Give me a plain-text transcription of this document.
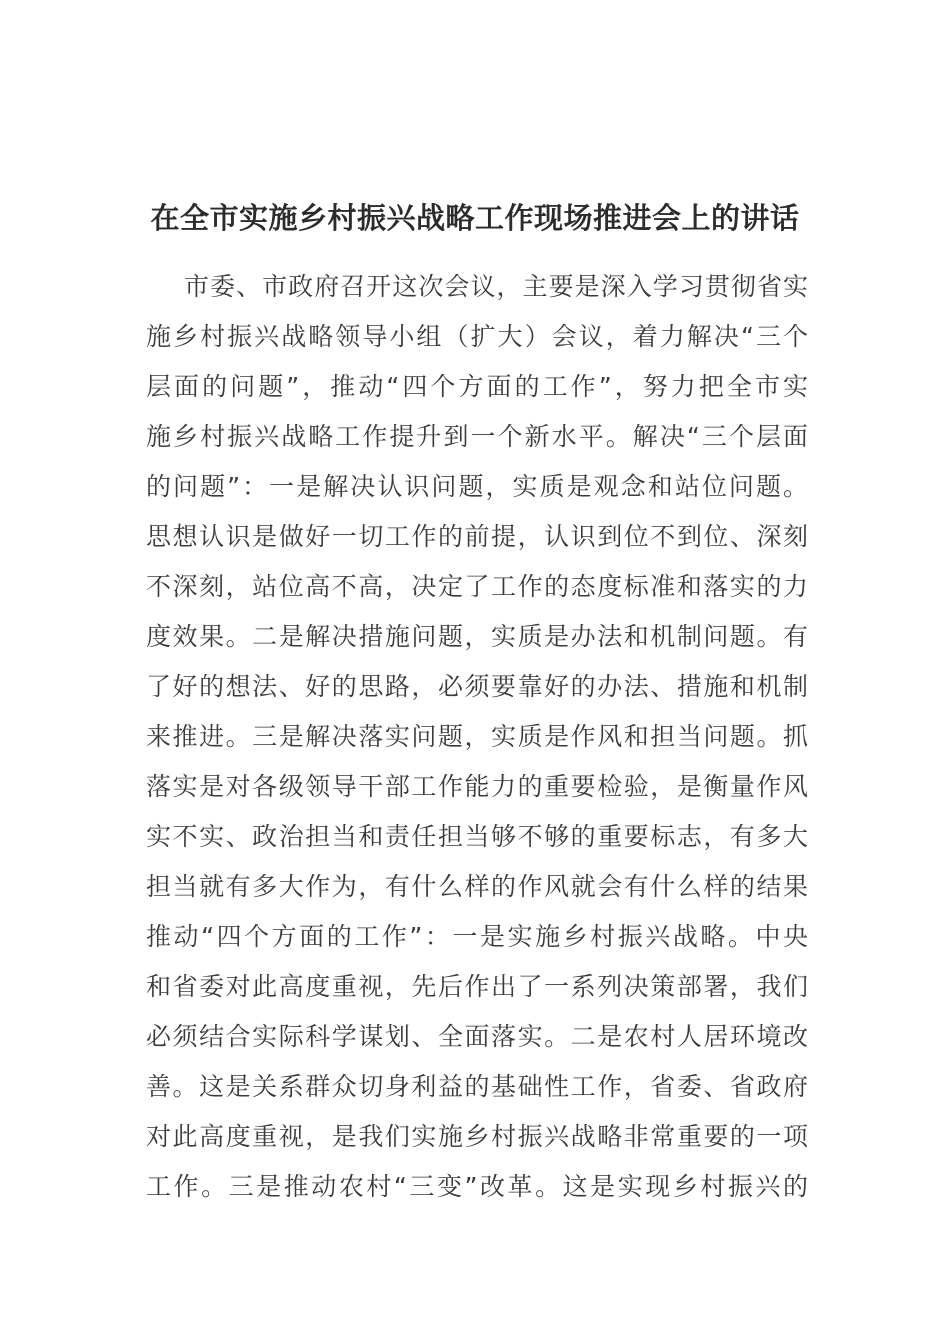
在全市实施乡村振兴战略工作现场推进会上的讲话
市委、市政府召开这次会议，主要是深入学习贯彻省实
施乡村振兴战略领导小组（扩大）会议，着力解决“三个
层面的问题”，推动“四个方面的工作”，努力把全市实
施乡村振兴战略工作提升到一个新水平。解决“三个层面
的问题”：一是解决认识问题，实质是观念和站位问题。
思想认识是做好一切工作的前提，认识到位不到位、深刻
不深刻，站位高不高，决定了工作的态度标准和落实的力
度效果。二是解决措施问题，实质是办法和机制问题。有
了好的想法、好的思路，必须要靠好的办法、措施和机制
来推进。三是解决落实问题，实质是作风和担当问题。抓
落实是对各级领导干部工作能力的重要检验，是衡量作风
实不实、政治担当和责任担当够不够的重要标志，有多大
担当就有多大作为，有什么样的作风就会有什么样的结果
推动“四个方面的工作”：一是实施乡村振兴战略。中央
和省委对此高度重视，先后作出了一系列决策部署，我们
必须结合实际科学谋划、全面落实。二是农村人居环境改
善。这是关系群众切身利益的基础性工作，省委、省政府
对此高度重视，是我们实施乡村振兴战略非常重要的一项
工作。三是推动农村“三变”改革。这是实现乡村振兴的
